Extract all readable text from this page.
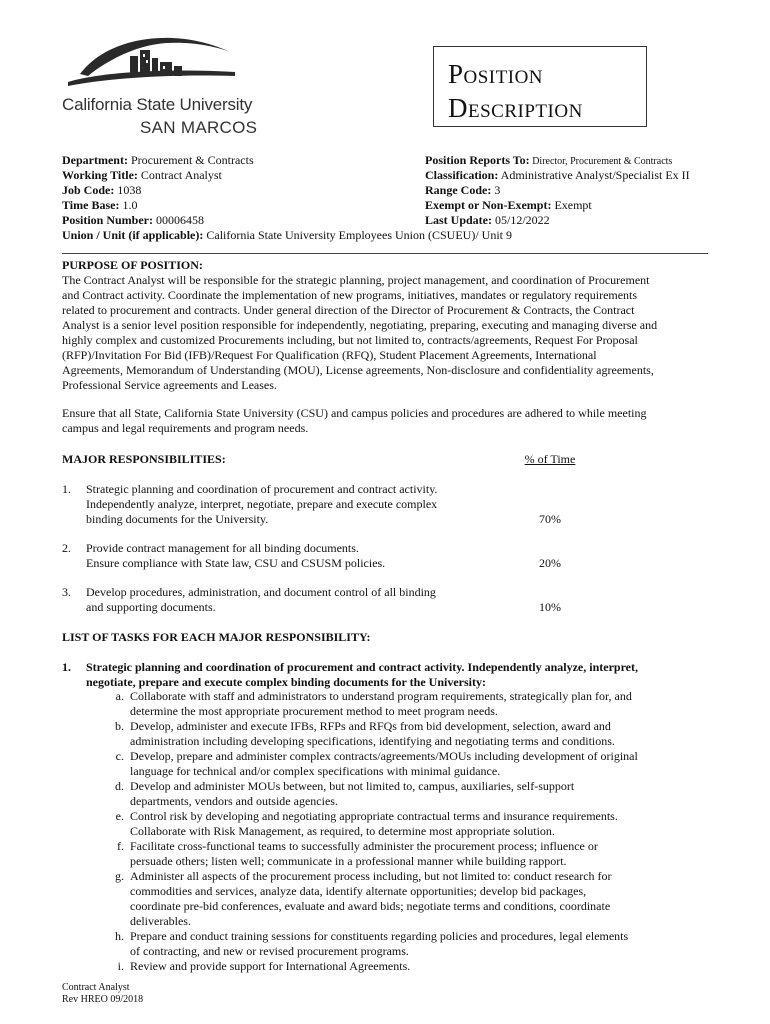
California State University
SAN MARCOS
Position
Description
Department: Procurement & Contracts
Working Title: Contract Analyst
Job Code: 1038
Time Base: 1.0
Position Number: 00006458
Union / Unit (if applicable): California State University Employees Union (CSUEU)/ Unit 9
Position Reports To: Director, Procurement & Contracts
Classification: Administrative Analyst/Specialist Ex II
Range Code: 3
Exempt or Non-Exempt: Exempt
Last Update: 05/12/2022
PURPOSE OF POSITION:
The Contract Analyst will be responsible for the strategic planning, project management, and coordination of Procurement
and Contract activity. Coordinate the implementation of new programs, initiatives, mandates or regulatory requirements
related to procurement and contracts. Under general direction of the Director of Procurement & Contracts, the Contract
Analyst is a senior level position responsible for independently, negotiating, preparing, executing and managing diverse and
highly complex and customized Procurements including, but not limited to, contracts/agreements, Request For Proposal
(RFP)/Invitation For Bid (IFB)/Request For Qualification (RFQ), Student Placement Agreements, International
Agreements, Memorandum of Understanding (MOU), License agreements, Non-disclosure and confidentiality agreements,
Professional Service agreements and Leases.
Ensure that all State, California State University (CSU) and campus policies and procedures are adhered to while meeting
campus and legal requirements and program needs.
MAJOR RESPONSIBILITIES:	% of Time
1. Strategic planning and coordination of procurement and contract activity.
Independently analyze, interpret, negotiate, prepare and execute complex
binding documents for the University.	70%
2. Provide contract management for all binding documents.
Ensure compliance with State law, CSU and CSUSM policies.	20%
3. Develop procedures, administration, and document control of all binding
and supporting documents.	10%
LIST OF TASKS FOR EACH MAJOR RESPONSIBILITY:
1. Strategic planning and coordination of procurement and contract activity. Independently analyze, interpret,
negotiate, prepare and execute complex binding documents for the University:
a. Collaborate with staff and administrators to understand program requirements, strategically plan for, and
determine the most appropriate procurement method to meet program needs.
b. Develop, administer and execute IFBs, RFPs and RFQs from bid development, selection, award and
administration including developing specifications, identifying and negotiating terms and conditions.
c. Develop, prepare and administer complex contracts/agreements/MOUs including development of original
language for technical and/or complex specifications with minimal guidance.
d. Develop and administer MOUs between, but not limited to, campus, auxiliaries, self-support
departments, vendors and outside agencies.
e. Control risk by developing and negotiating appropriate contractual terms and insurance requirements.
Collaborate with Risk Management, as required, to determine most appropriate solution.
f. Facilitate cross-functional teams to successfully administer the procurement process; influence or
persuade others; listen well; communicate in a professional manner while building rapport.
g. Administer all aspects of the procurement process including, but not limited to: conduct research for
commodities and services, analyze data, identify alternate opportunities; develop bid packages,
coordinate pre-bid conferences, evaluate and award bids; negotiate terms and conditions, coordinate
deliverables.
h. Prepare and conduct training sessions for constituents regarding policies and procedures, legal elements
of contracting, and new or revised procurement programs.
i. Review and provide support for International Agreements.
Contract Analyst
Rev HREO 09/2018
